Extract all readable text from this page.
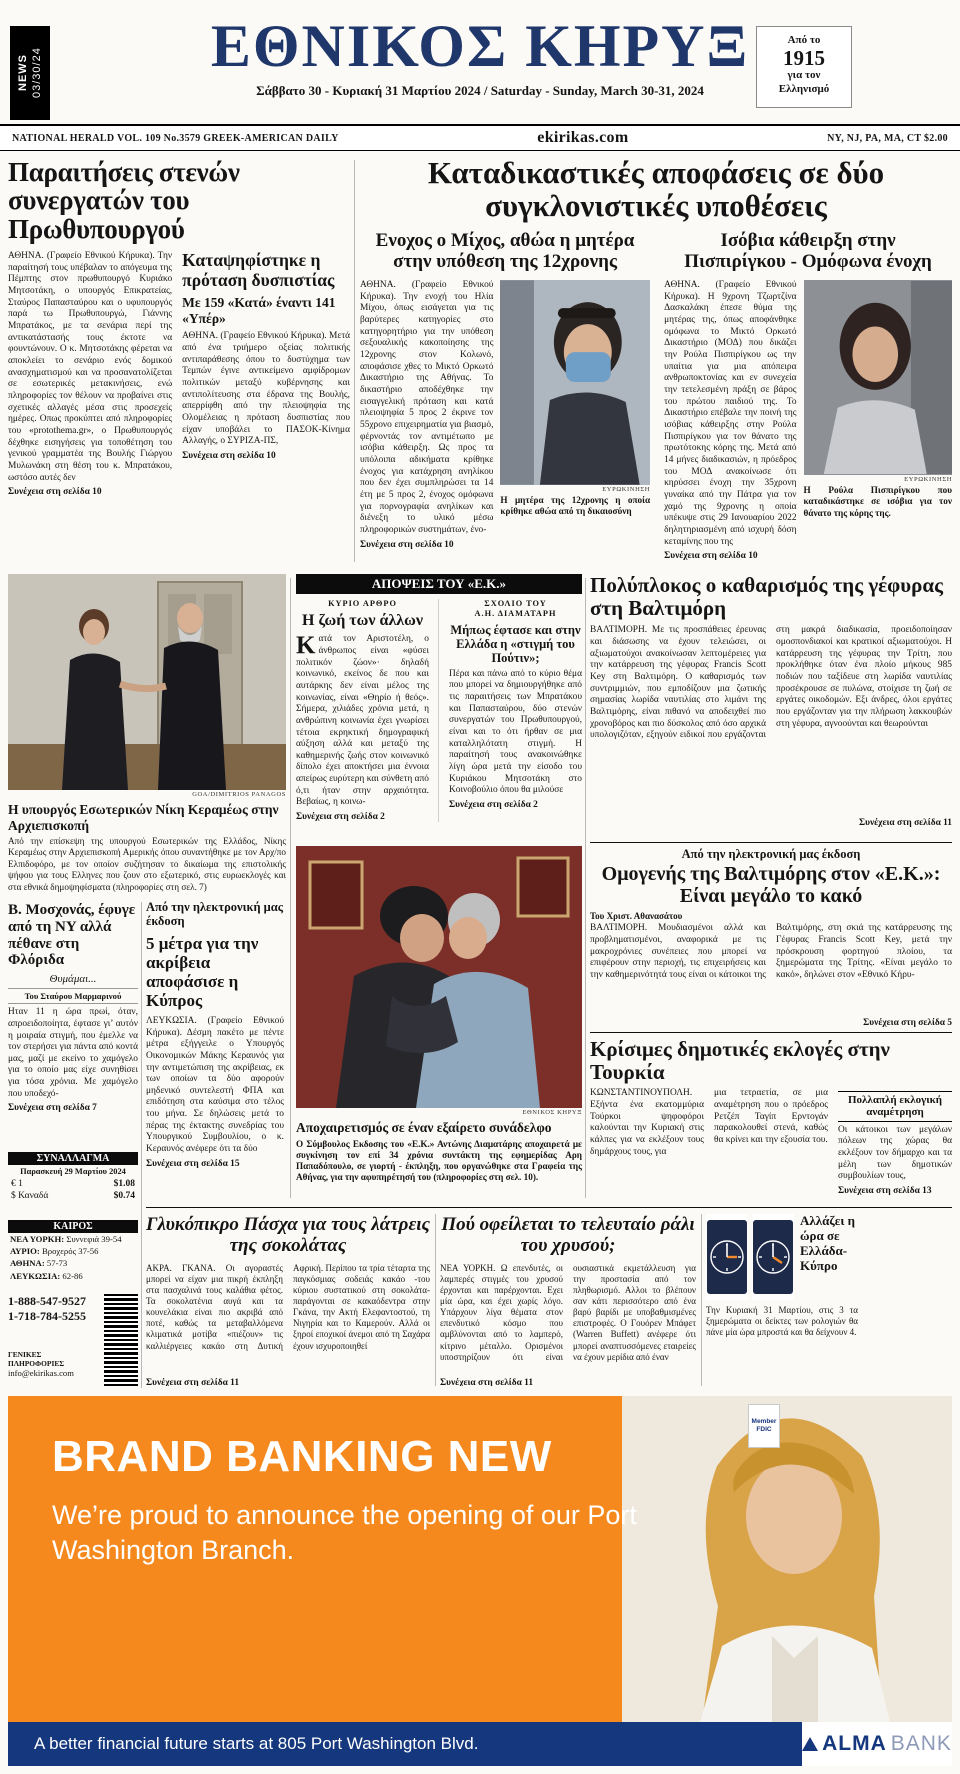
NEWS 03/30/24	ΕΘΝΙΚΟΣ ΚΗΡΥΞ
Σάββατο 30 - Κυριακή 31 Μαρτίου 2024 / Saturday - Sunday, March 30-31, 2024
Από το
1915
για τον
Ελληνισμό
NATIONAL HERALD VOL. 109 No.3579 GREEK-AMERICAN DAILY	ekirikas.com	NY, NJ, PA, MA, CT $2.00
Παραιτήσεις στενών συνεργατών του Πρωθυπουργού

ΑΘΗΝΑ. (Γραφείο Εθνικού Κήρυκα). Την παραίτησή τους υπέβαλαν το απόγευμα της Πέμπτης στον πρωθυπουργό Κυριάκο Μητσοτάκη, ο υπουργός Επικρατείας, Σταύρος Παπασταύρου και ο υφυπουργός παρά τω Πρωθυπουργώ, Γιάννης Μπρατάκος, με τα σενάρια περί της αντικατάστασής τους έκτοτε να φουντώνουν. Ο κ. Μητσοτάκης φέρεται να αποκλείει το σενάριο ενός δομικού ανασχηματισμού και να προσανατολίζεται σε εσωτερικές μετακινήσεις, ενώ πληροφορίες τον θέλουν να προβαίνει στις σχετικές αλλαγές μέσα στις προσεχείς ημέρες. Οπως προκύπτει από πληροφορίες του «protothema.gr», ο Πρωθυπουργός δέχθηκε εισηγήσεις για τοποθέτηση του γενικού γραμματέα της Βουλής Γιώργου Μυλωνάκη στη θέση του κ. Μπρατάκου, ωστόσο αυτές δεν

Συνέχεια στη σελίδα 10

Καταψηφίστηκε η πρόταση δυσπιστίας
Με 159 «Κατά» έναντι 141 «Υπέρ»

ΑΘΗΝΑ. (Γραφείο Εθνικού Κήρυκα). Μετά από ένα τριήμερο οξείας πολιτικής αντιπαράθεσης όπου το δυστύχημα των Τεμπών έγινε αντικείμενο αμφίδρομων πολιτικών μεταξύ κυβέρνησης και αντιπολίτευσης στα έδρανα της Βουλής, απερρίφθη από την πλειοψηφία της Ολομέλειας η πρόταση δυσπιστίας που είχαν υποβάλει το ΠΑΣΟΚ-Κίνημα Αλλαγής, ο ΣΥΡΙΖΑ-ΠΣ,

Συνέχεια στη σελίδα 10

Καταδικαστικές αποφάσεις σε δύο συγκλονιστικές υποθέσεις
Ενοχος ο Μίχος, αθώα η μητέρα στην υπόθεση της 12χρονης

ΑΘΗΝΑ. (Γραφείο Εθνικού Κήρυκα). Την ενοχή του Ηλία Μίχου, όπως εισάγεται για τις βαρύτερες κατηγορίες στο κατηγορητήριο για την υπόθεση σεξουαλικής κακοποίησης της 12χρονης στον Κολωνό, αποφάσισε χθες το Μικτό Ορκωτό Δικαστήριο της Αθήνας. Το δικαστήριο αποδέχθηκε την εισαγγελική πρόταση και κατά πλειοψηφία 5 προς 2 έκρινε τον 55χρονο επιχειρηματία για βιασμό, φέρνοντάς τον αντιμέτωπο με ισόβια κάθειρξη. Ως προς τα υπόλοιπα αδικήματα κρίθηκε ένοχος για κατάχρηση ανηλίκου που δεν έχει συμπληρώσει τα 14 έτη με 5 προς 2, ένοχος ομόφωνα για πορνογραφία ανηλίκων και διένεξη το υλικό μέσω πληροφορικών συστημάτων, ένο-

Συνέχεια στη σελίδα 10

ΕΥΡΩΚΙΝΗΣΗ

Η μητέρα της 12χρονης η οποία κρίθηκε αθώα από τη δικαιοσύνη

Ισόβια κάθειρξη στην Πισπιρίγκου - Ομόφωνα ένοχη

ΑΘΗΝΑ. (Γραφείο Εθνικού Κήρυκα). Η 9χρονη Τζωρτζίνα Δασκαλάκη έπεσε θύμα της μητέρας της, όπως αποφάνθηκε ομόφωνα το Μικτό Ορκωτό Δικαστήριο (ΜΟΔ) που δικάζει την Ρούλα Πισπιρίγκου ως την υπαίτια για μια απόπειρα ανθρωποκτονίας και εν συνεχεία την τετελεσμένη πράξη σε βάρος του πρώτου παιδιού της. Το Δικαστήριο επέβαλε την ποινή της ισόβιας κάθειρξης στην Ρούλα Πισπιρίγκου για τον θάνατο της πρωτότοκης κόρης της. Μετά από 14 μήνες διαδικασιών, η πρόεδρος του ΜΟΔ ανακοίνωσε ότι κηρύσσει ένοχη την 35χρονη γυναίκα από την Πάτρα για τον χαμό της 9χρονης η οποία υπέκυψε στις 29 Ιανουαρίου 2022 δηλητηριασμένη από ισχυρή δόση κεταμίνης που της

Συνέχεια στη σελίδα 10

ΕΥΡΩΚΙΝΗΣΗ

Η Ρούλα Πισπιρίγκου που καταδικάστηκε σε ισόβια για τον θάνατο της κόρης της.

GOA/DIMITRIOS PANAGOS
Η υπουργός Εσωτερικών Νίκη Κεραμέως στην Αρχιεπισκοπή

Από την επίσκεψη της υπουργού Εσωτερικών της Ελλάδος, Νίκης Κεραμέως στην Αρχιεπισκοπή Αμερικής όπου συναντήθηκε με τον Αρχ/πο Ελπιδοφόρο, με τον οποίον συζήτησαν το δικαίωμα της επιστολικής ψήφου για τους Ελληνες που ζουν στο εξωτερικό, στις ευρωεκλογές και στα εθνικά δημοψηφίσματα (πληροφορίες στη σελ. 7)

ΑΠΟΨΕΙΣ ΤΟΥ «Ε.Κ.»
ΚΥΡΙΟ ΑΡΘΡΟ
Η ζωή των άλλων

Κατά τον Αριστοτέλη, ο άνθρωπος είναι «φύσει πολιτικόν ζώον»· δηλαδή κοινωνικό, εκείνος δε που και αυτάρκης δεν είναι μέλος της κοινωνίας, είναι «Θηρίο ή θεός». Σήμερα, χιλιάδες χρόνια μετά, η ανθρώπινη κοινωνία έχει γνωρίσει τέτοια εκρηκτική δημογραφική αύξηση αλλά και μεταξύ της καθημερινής ζωής στον κοινωνικό δίπολο έχει αποκτήσει μια έννοια απείρως ευρύτερη και σύνθετη από ό,τι ήταν στην αρχαιότητα. Βεβαίως, η κοινω-

Συνέχεια στη σελίδα 2

ΣΧΟΛΙΟ ΤΟΥ
Α.Η. ΔΙΑΜΑΤΑΡΗ
Μήπως έφτασε και στην Ελλάδα η «στιγμή του Πούτιν»;

Πέρα και πάνω από το κύριο θέμα που μπορεί να δημιουργήθηκε από τις παραιτήσεις των Μπρατάκου και Παπασταύρου, δύο στενών συνεργατών του Πρωθυπουργού, είναι και το ότι ήρθαν σε μια καταλληλότατη στιγμή. Η παραίτησή τους ανακοινώθηκε λίγη ώρα μετά την είσοδο του Κυριάκου Μητσοτάκη στο Κοινοβούλιο όπου θα μιλούσε

Συνέχεια στη σελίδα 2

Πολύπλοκος ο καθαρισμός της γέφυρας στη Βαλτιμόρη

ΒΑΛΤΙΜΟΡΗ. Με τις προσπάθειες έρευνας και διάσωσης να έχουν τελειώσει, οι αξιωματούχοι ανακοίνωσαν λεπτομέρειες για την κατάρρευση της γέφυρας Francis Scott Key στη Βαλτιμόρη. Ο καθαρισμός των συντριμμιών, που εμποδίζουν μια ζωτικής σημασίας λωρίδα ναυτιλίας στο λιμάνι της Βαλτιμόρης, είναι πιθανό να αποδειχθεί πιο χρονοβόρος και πιο δύσκολος από όσο αρχικά υπολογιζόταν, εξηγούν ειδικοί που εργάζονται στη μακρά διαδικασία, προειδοποίησαν ομοσπονδιακοί και κρατικοί αξιωματούχοι. Η κατάρρευση της γέφυρας την Τρίτη, που προκλήθηκε όταν ένα πλοίο μήκους 985 ποδιών που ταξίδευε στη λωρίδα ναυτιλίας προσέκρουσε σε πυλώνα, στοίχισε τη ζωή σε εργάτες οικοδομών. Εξι άνδρες, όλοι εργάτες που εργάζονταν για την πλήρωση λακκουβών στη γέφυρα, αγνοούνται και θεωρούνται

Συνέχεια στη σελίδα 11

Από την ηλεκτρονική μας έκδοση
Ομογενής της Βαλτιμόρης στον «Ε.Κ.»: Είναι μεγάλο το κακό
Του Χριστ. Αθανασάτου

ΒΑΛΤΙΜΟΡΗ. Μουδιασμένοι αλλά και προβληματισμένοι, αναφορικά με τις μακροχρόνιες συνέπειες που μπορεί να επιφέρουν στην περιοχή, τις επιχειρήσεις και την καθημερινότητά τους είναι οι κάτοικοι της Βαλτιμόρης, στη σκιά της κατάρρευσης της Γέφυρας Francis Scott Key, μετά την πρόσκρουση φορτηγού πλοίου, τα ξημερώματα της Τρίτης. «Είναι μεγάλο το κακό», δηλώνει στον «Εθνικό Κήρυ-

Συνέχεια στη σελίδα 5

Κρίσιμες δημοτικές εκλογές στην Τουρκία

ΚΩΝΣΤΑΝΤΙΝΟΥΠΟΛΗ. Εξήντα ένα εκατομμύρια Τούρκοι ψηφοφόροι καλούνται την Κυριακή στις κάλπες για να εκλέξουν τους δημάρχους τους, για

μια τετραετία, σε μια αναμέτρηση που ο πρόεδρος Ρετζέπ Ταγίπ Ερντογάν παρακολουθεί στενά, καθώς θα κρίνει και την εξουσία του.

Πολλαπλή εκλογική αναμέτρηση

Οι κάτοικοι των μεγάλων πόλεων της χώρας θα εκλέξουν τον δήμαρχο και τα μέλη των δημοτικών συμβουλίων τους,

Συνέχεια στη σελίδα 13

Β. Μοσχονάς, έφυγε από τη NY αλλά πέθανε στη Φλόριδα
Θυμάμαι...
Του Σταύρου Μαρμαρινού

Ηταν 11 η ώρα πρωί, όταν, απροειδοποίητα, έφτασε γι’ αυτόν η μοιραία στιγμή, που έμελλε να τον στερήσει για πάντα από κοντά μας, μαζί με εκείνο το χαμόγελο για το οποίο μας είχε συνηθίσει για τόσα χρόνια. Με χαμόγελο που υποδεχό-

Συνέχεια στη σελίδα 7

ΣΥΝΑΛΛΑΓΜΑ
Παρασκευή 29 Μαρτίου 2024
€ 1	$1.08
$ Καναδά	$0.74
ΚΑΙΡΟΣ
ΝΕΑ ΥΟΡΚΗ: Συννεφιά 39-54
ΑΥΡΙΟ: Βροχερός 37-56
ΑΘΗΝΑ: 57-73
ΛΕΥΚΩΣΙΑ: 62-86
1-888-547-9527
1-718-784-5255
ΓΕΝΙΚΕΣ ΠΛΗΡΟΦΟΡΙΕΣ
info@ekirikas.com
Από την ηλεκτρονική μας έκδοση
5 μέτρα για την ακρίβεια αποφάσισε η Κύπρος

ΛΕΥΚΩΣΙΑ. (Γραφείο Εθνικού Κήρυκα). Δέσμη πακέτο με πέντε μέτρα εξήγγειλε ο Υπουργός Οικονομικών Μάκης Κεραυνός για την αντιμετώπιση της ακρίβειας, εκ των οποίων τα δύο αφορούν μηδενικό συντελεστή ΦΠΑ και επιδότηση στα καύσιμα στο τέλος του μήνα. Σε δηλώσεις μετά το πέρας της έκτακτης συνεδρίας του Υπουργικού Συμβουλίου, ο κ. Κεραυνός ανέφερε ότι τα δύο

Συνέχεια στη σελίδα 15

ΕΘΝΙΚΟΣ ΚΗΡΥΞ
Αποχαιρετισμός σε έναν εξαίρετο συνάδελφο

Ο Σύμβουλος Εκδοσης του «Ε.Κ.» Αντώνης Διαματάρης αποχαιρετά με συγκίνηση τον επί 34 χρόνια συντάκτη της εφημερίδας Αρη Παπαδόπουλο, σε γιορτή - έκπληξη, που οργανώθηκε στα Γραφεία της Αθήνας, για την αφυπηρέτησή του (πληροφορίες στη σελ. 10).

Γλυκόπικρο Πάσχα για τους λάτρεις της σοκολάτας

ΑΚΡΑ. ΓΚΑΝΑ. Οι αγοραστές μπορεί να είχαν μια πικρή έκπληξη στα πασχαλινά τους καλάθια φέτος. Τα σοκολατένια αυγά και τα κουνελάκια είναι πιο ακριβά από ποτέ, καθώς τα μεταβαλλόμενα κλιματικά μοτίβα «πιέζουν» τις καλλιέργειες κακάο στη Δυτική Αφρική. Περίπου τα τρία τέταρτα της παγκόσμιας σοδειάς κακάο -του κύριου συστατικού στη σοκολάτα- παράγονται σε κακαόδεντρα στην Γκάνα, την Ακτή Ελεφαντοστού, τη Νιγηρία και το Καμερούν. Αλλά οι ξηροί εποχικοί άνεμοι από τη Σαχάρα έχουν ισχυροποιηθεί

Συνέχεια στη σελίδα 11

Πού οφείλεται το τελευταίο ράλι του χρυσού;

ΝΕΑ ΥΟΡΚΗ. Ω επενδυτές, οι λαμπερές στιγμές του χρυσού έρχονται και παρέρχονται. Εχει μία ώρα, και έχει χωρίς λόγο. Υπάρχουν λίγα θέματα στον επενδυτικό κόσμο που αμβλύνονται από το λαμπερό, κίτρινο μέταλλο. Ορισμένοι υποστηρίζουν ότι είναι ουσιαστικά εκμετάλλευση για την προστασία από τον πληθωρισμό. Αλλοι το βλέπουν σαν κάτι περισσότερο από ένα βαρύ βαρίδι με υποβαθμισμένες επιστροφές. Ο Γουόρεν Μπάφετ (Warren Buffett) ανέφερε ότι μπορεί αναπτυσσόμενες εταιρείες να έχουν μερίδια από έναν

Συνέχεια στη σελίδα 11

Αλλάζει η ώρα σε Ελλάδα-Κύπρο

Την Κυριακή 31 Μαρτίου, στις 3 τα ξημερώματα οι δείκτες των ρολογιών θα πάνε μία ώρα μπροστά και θα δείχνουν 4.

Member
FDIC
BRAND BANKING NEW
We’re proud to announce the opening of our Port Washington Branch.
A better financial future starts at 805 Port Washington Blvd.	ALMA BANK
